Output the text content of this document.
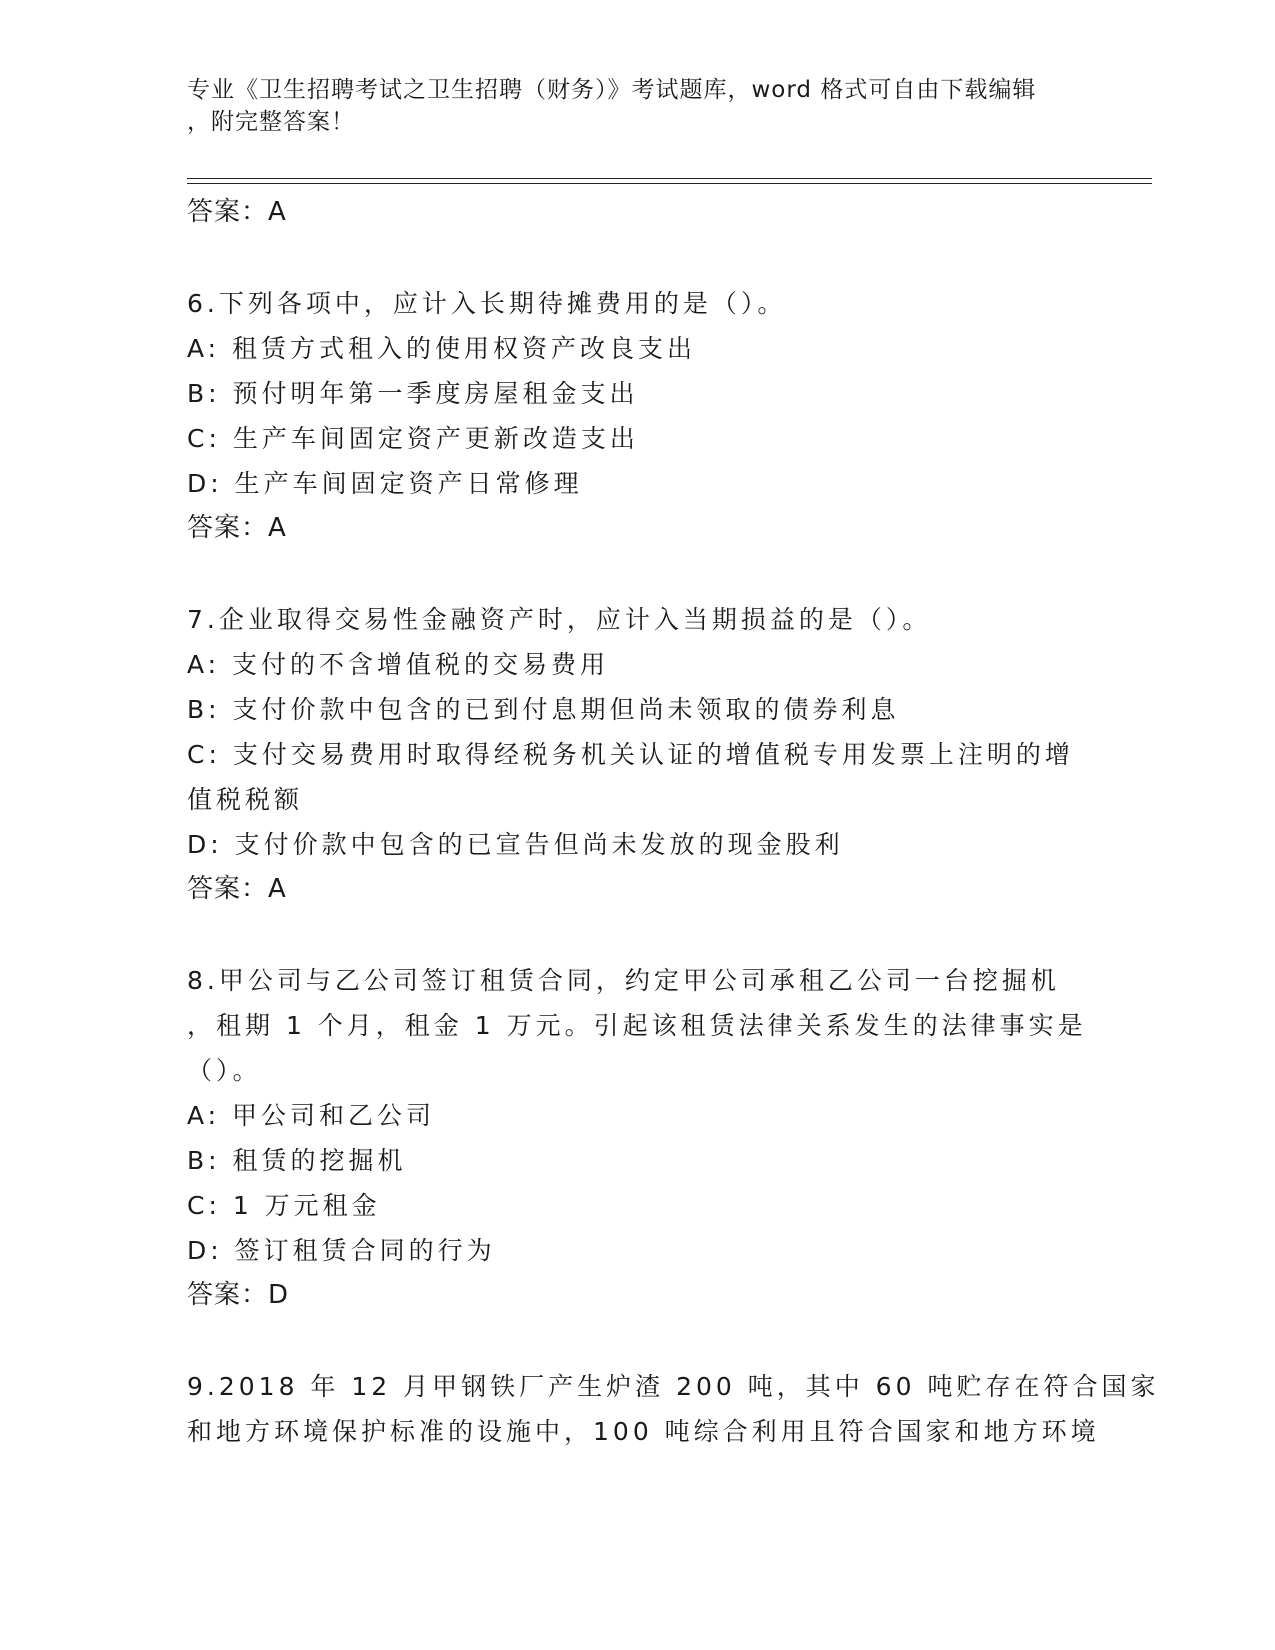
专业《卫生招聘考试之卫生招聘（财务）》考试题库，word 格式可自由下载编辑
，附完整答案！
答案：A
6.下列各项中，应计入长期待摊费用的是（）。
A: 租赁方式租入的使用权资产改良支出
B: 预付明年第一季度房屋租金支出
C: 生产车间固定资产更新改造支出
D: 生产车间固定资产日常修理
答案：A
7.企业取得交易性金融资产时，应计入当期损益的是（）。
A: 支付的不含增值税的交易费用
B: 支付价款中包含的已到付息期但尚未领取的债券利息
C: 支付交易费用时取得经税务机关认证的增值税专用发票上注明的增
值税税额
D: 支付价款中包含的已宣告但尚未发放的现金股利
答案：A
8.甲公司与乙公司签订租赁合同，约定甲公司承租乙公司一台挖掘机
，租期 1 个月，租金 1 万元。引起该租赁法律关系发生的法律事实是
（）。
A: 甲公司和乙公司
B: 租赁的挖掘机
C: 1 万元租金
D: 签订租赁合同的行为
答案：D
9.2018 年 12 月甲钢铁厂产生炉渣 200 吨，其中 60 吨贮存在符合国家
和地方环境保护标准的设施中，100 吨综合利用且符合国家和地方环境
